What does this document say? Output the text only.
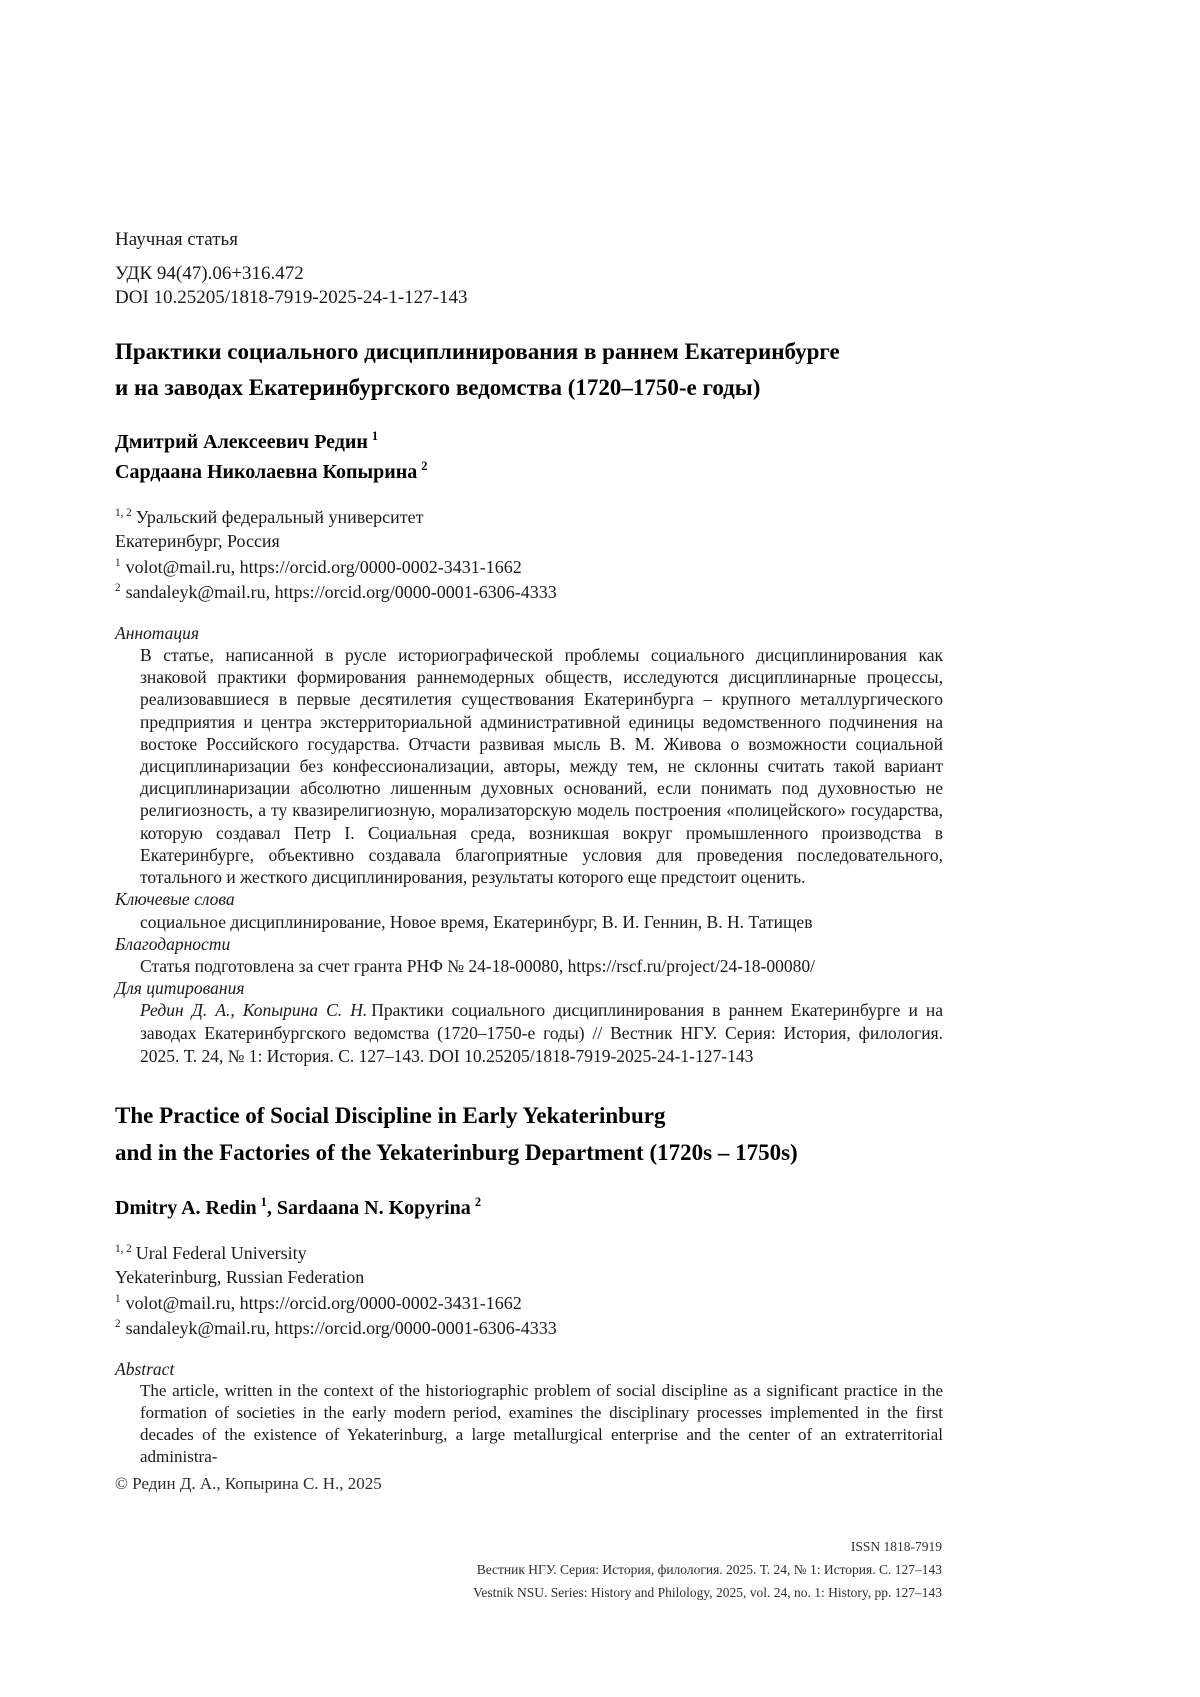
Научная статья

УДК 94(47).06+316.472

DOI 10.25205/1818-7919-2025-24-1-127-143

Практики социального дисциплинирования в раннем Екатеринбурге
и на заводах Екатеринбургского ведомства (1720–1750-е годы)
Дмитрий Алексеевич Редин $^1$
Сардаана Николаевна Копырина $^2$

$^{1, 2}$ Уральский федеральный университет

Екатеринбург, Россия

$^1$ volot@mail.ru, https://orcid.org/0000-0002-3431-1662

$^2$ sandaleyk@mail.ru, https://orcid.org/0000-0001-6306-4333

Аннотация

В статье, написанной в русле историографической проблемы социального дисциплинирования как знаковой практики формирования раннемодерных обществ, исследуются дисциплинарные процессы, реализовавшиеся в первые десятилетия существования Екатеринбурга – крупного металлургического предприятия и центра экстерриториальной административной единицы ведомственного подчинения на востоке Российского государства. Отчасти развивая мысль В. М. Живова о возможности социальной дисциплинаризации без конфессионализации, авторы, между тем, не склонны считать такой вариант дисциплинаризации абсолютно лишенным духовных оснований, если понимать под духовностью не религиозность, а ту квазирелигиозную, морализаторскую модель построения «полицейского» государства, которую создавал Петр I. Социальная среда, возникшая вокруг промышленного производства в Екатеринбурге, объективно создавала благоприятные условия для проведения последовательного, тотального и жесткого дисциплинирования, результаты которого еще предстоит оценить.

Ключевые слова

социальное дисциплинирование, Новое время, Екатеринбург, В. И. Геннин, В. Н. Татищев

Благодарности

Статья подготовлена за счет гранта РНФ № 24-18-00080, https://rscf.ru/project/24-18-00080/

Для цитирования

Редин Д. А., Копырина С. Н. Практики социального дисциплинирования в раннем Екатеринбурге и на заводах Екатеринбургского ведомства (1720–1750-е годы) // Вестник НГУ. Серия: История, филология. 2025. Т. 24, № 1: История. С. 127–143. DOI 10.25205/1818-7919-2025-24-1-127-143

The Practice of Social Discipline in Early Yekaterinburg
and in the Factories of the Yekaterinburg Department (1720s – 1750s)

Dmitry A. Redin $^1$, Sardaana N. Kopyrina $^2$

$^{1, 2}$ Ural Federal University

Yekaterinburg, Russian Federation

$^1$ volot@mail.ru, https://orcid.org/0000-0002-3431-1662

$^2$ sandaleyk@mail.ru, https://orcid.org/0000-0001-6306-4333

Abstract

The article, written in the context of the historiographic problem of social discipline as a significant practice in the formation of societies in the early modern period, examines the disciplinary processes implemented in the first decades of the existence of Yekaterinburg, a large metallurgical enterprise and the center of an extraterritorial administra-

© Редин Д. А., Копырина С. Н., 2025

ISSN 1818-7919

Вестник НГУ. Серия: История, филология. 2025. Т. 24, № 1: История. С. 127–143

Vestnik NSU. Series: History and Philology, 2025, vol. 24, no. 1: History, pp. 127–143
